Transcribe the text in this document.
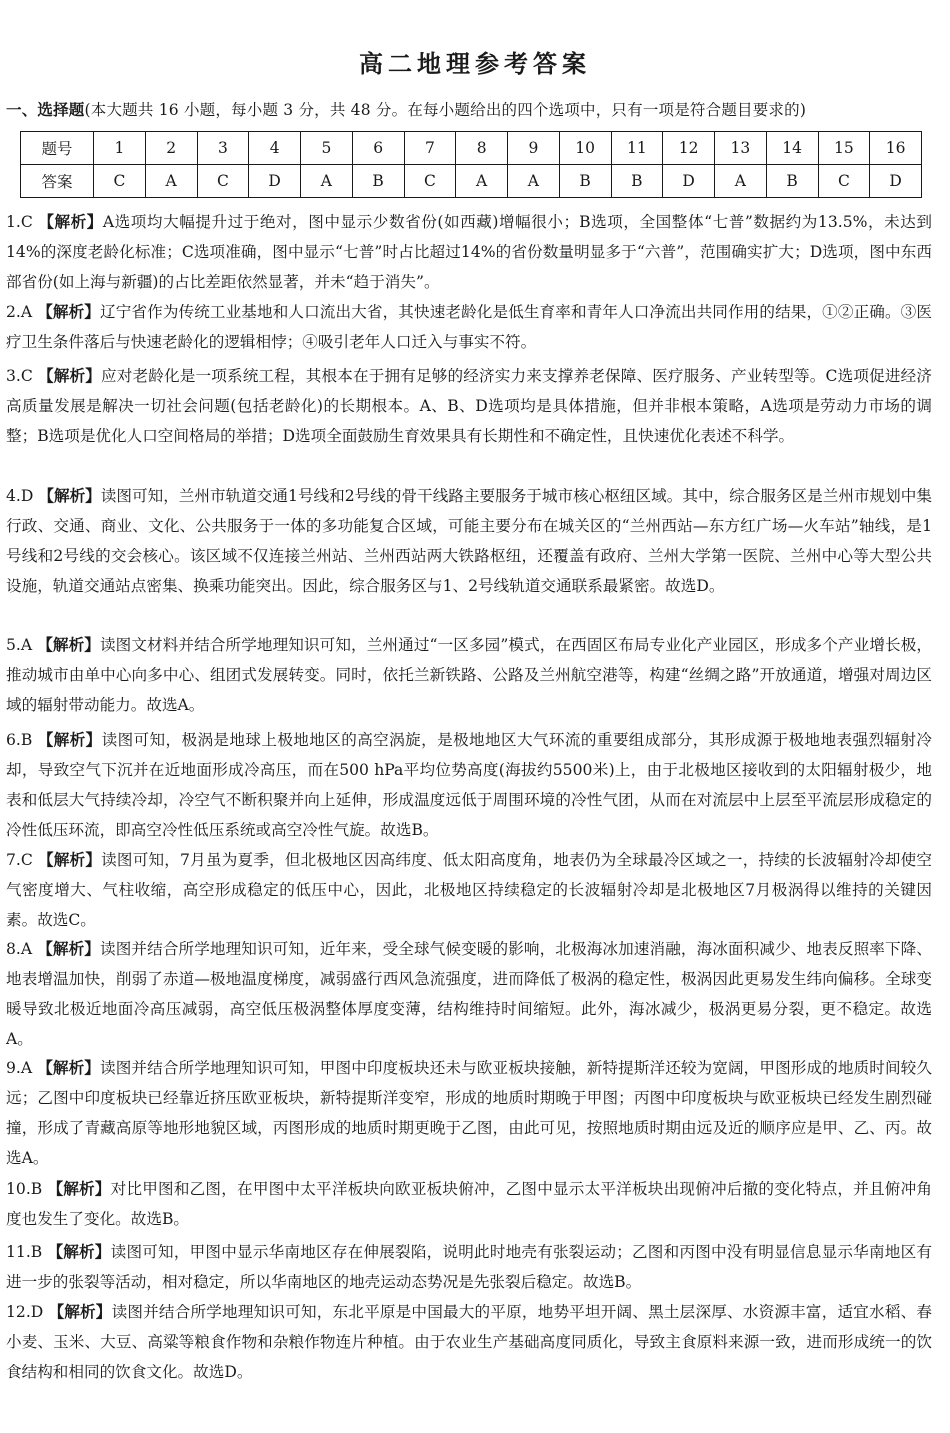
高二地理参考答案
一、选择题(本大题共 16 小题，每小题 3 分，共 48 分。在每小题给出的四个选项中，只有一项是符合题目要求的)
题号	1	2	3	4	5	6	7	8	9	10	11	12	13	14	15	16
答案	C	A	C	D	A	B	C	A	A	B	B	D	A	B	C	D
1.C 【解析】A选项均大幅提升过于绝对，图中显示少数省份(如西藏)增幅很小；B选项，全国整体“七普”数据约为13.5%，未达到14%的深度老龄化标准；C选项准确，图中显示“七普”时占比超过14%的省份数量明显多于“六普”，范围确实扩大；D选项，图中东西部省份(如上海与新疆)的占比差距依然显著，并未“趋于消失”。
2.A 【解析】辽宁省作为传统工业基地和人口流出大省，其快速老龄化是低生育率和青年人口净流出共同作用的结果，①②正确。③医疗卫生条件落后与快速老龄化的逻辑相悖；④吸引老年人口迁入与事实不符。
3.C 【解析】应对老龄化是一项系统工程，其根本在于拥有足够的经济实力来支撑养老保障、医疗服务、产业转型等。C选项促进经济高质量发展是解决一切社会问题(包括老龄化)的长期根本。A、B、D选项均是具体措施，但并非根本策略，A选项是劳动力市场的调整；B选项是优化人口空间格局的举措；D选项全面鼓励生育效果具有长期性和不确定性，且快速优化表述不科学。
4.D 【解析】读图可知，兰州市轨道交通1号线和2号线的骨干线路主要服务于城市核心枢纽区域。其中，综合服务区是兰州市规划中集行政、交通、商业、文化、公共服务于一体的多功能复合区域，可能主要分布在城关区的“兰州西站—东方红广场—火车站”轴线，是1号线和2号线的交会核心。该区域不仅连接兰州站、兰州西站两大铁路枢纽，还覆盖有政府、兰州大学第一医院、兰州中心等大型公共设施，轨道交通站点密集、换乘功能突出。因此，综合服务区与1、2号线轨道交通联系最紧密。故选D。
5.A 【解析】读图文材料并结合所学地理知识可知，兰州通过“一区多园”模式，在西固区布局专业化产业园区，形成多个产业增长极，推动城市由单中心向多中心、组团式发展转变。同时，依托兰新铁路、公路及兰州航空港等，构建“丝绸之路”开放通道，增强对周边区域的辐射带动能力。故选A。
6.B 【解析】读图可知，极涡是地球上极地地区的高空涡旋，是极地地区大气环流的重要组成部分，其形成源于极地地表强烈辐射冷却，导致空气下沉并在近地面形成冷高压，而在500 hPa平均位势高度(海拔约5500米)上，由于北极地区接收到的太阳辐射极少，地表和低层大气持续冷却，冷空气不断积聚并向上延伸，形成温度远低于周围环境的冷性气团，从而在对流层中上层至平流层形成稳定的冷性低压环流，即高空冷性低压系统或高空冷性气旋。故选B。
7.C 【解析】读图可知，7月虽为夏季，但北极地区因高纬度、低太阳高度角，地表仍为全球最冷区域之一，持续的长波辐射冷却使空气密度增大、气柱收缩，高空形成稳定的低压中心，因此，北极地区持续稳定的长波辐射冷却是北极地区7月极涡得以维持的关键因素。故选C。
8.A 【解析】读图并结合所学地理知识可知，近年来，受全球气候变暖的影响，北极海冰加速消融，海冰面积减少、地表反照率下降、地表增温加快，削弱了赤道—极地温度梯度，减弱盛行西风急流强度，进而降低了极涡的稳定性，极涡因此更易发生纬向偏移。全球变暖导致北极近地面冷高压减弱，高空低压极涡整体厚度变薄，结构维持时间缩短。此外，海冰减少，极涡更易分裂，更不稳定。故选A。
9.A 【解析】读图并结合所学地理知识可知，甲图中印度板块还未与欧亚板块接触，新特提斯洋还较为宽阔，甲图形成的地质时间较久远；乙图中印度板块已经靠近挤压欧亚板块，新特提斯洋变窄，形成的地质时期晚于甲图；丙图中印度板块与欧亚板块已经发生剧烈碰撞，形成了青藏高原等地形地貌区域，丙图形成的地质时期更晚于乙图，由此可见，按照地质时期由远及近的顺序应是甲、乙、丙。故选A。
10.B 【解析】对比甲图和乙图，在甲图中太平洋板块向欧亚板块俯冲，乙图中显示太平洋板块出现俯冲后撤的变化特点，并且俯冲角度也发生了变化。故选B。
11.B 【解析】读图可知，甲图中显示华南地区存在伸展裂陷，说明此时地壳有张裂运动；乙图和丙图中没有明显信息显示华南地区有进一步的张裂等活动，相对稳定，所以华南地区的地壳运动态势况是先张裂后稳定。故选B。
12.D 【解析】读图并结合所学地理知识可知，东北平原是中国最大的平原，地势平坦开阔、黑土层深厚、水资源丰富，适宜水稻、春小麦、玉米、大豆、高粱等粮食作物和杂粮作物连片种植。由于农业生产基础高度同质化，导致主食原料来源一致，进而形成统一的饮食结构和相同的饮食文化。故选D。
